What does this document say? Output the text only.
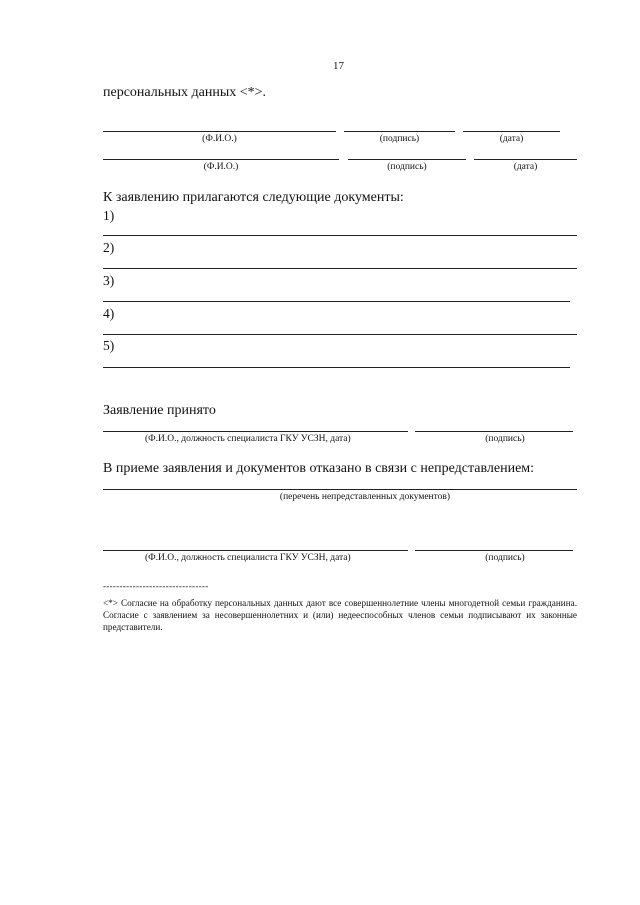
17
персональных данных <*>.
(Ф.И.О.)	(подпись)	(дата)
(Ф.И.О.)	(подпись)	(дата)
К заявлению прилагаются следующие документы:
1)
2)
3)
4)
5)
Заявление принято
(Ф.И.О., должность специалиста ГКУ УСЗН, дата)	(подпись)
В приеме заявления и документов отказано в связи с непредставлением:
(перечень непредставленных документов)
(Ф.И.О., должность специалиста ГКУ УСЗН, дата)	(подпись)
--------------------------------
<*> Согласие на обработку персональных данных дают все совершеннолетние члены многодетной семьи гражданина. Согласие с заявлением за несовершеннолетних и (или) недееспособных членов семьи подписывают их законные представители.
